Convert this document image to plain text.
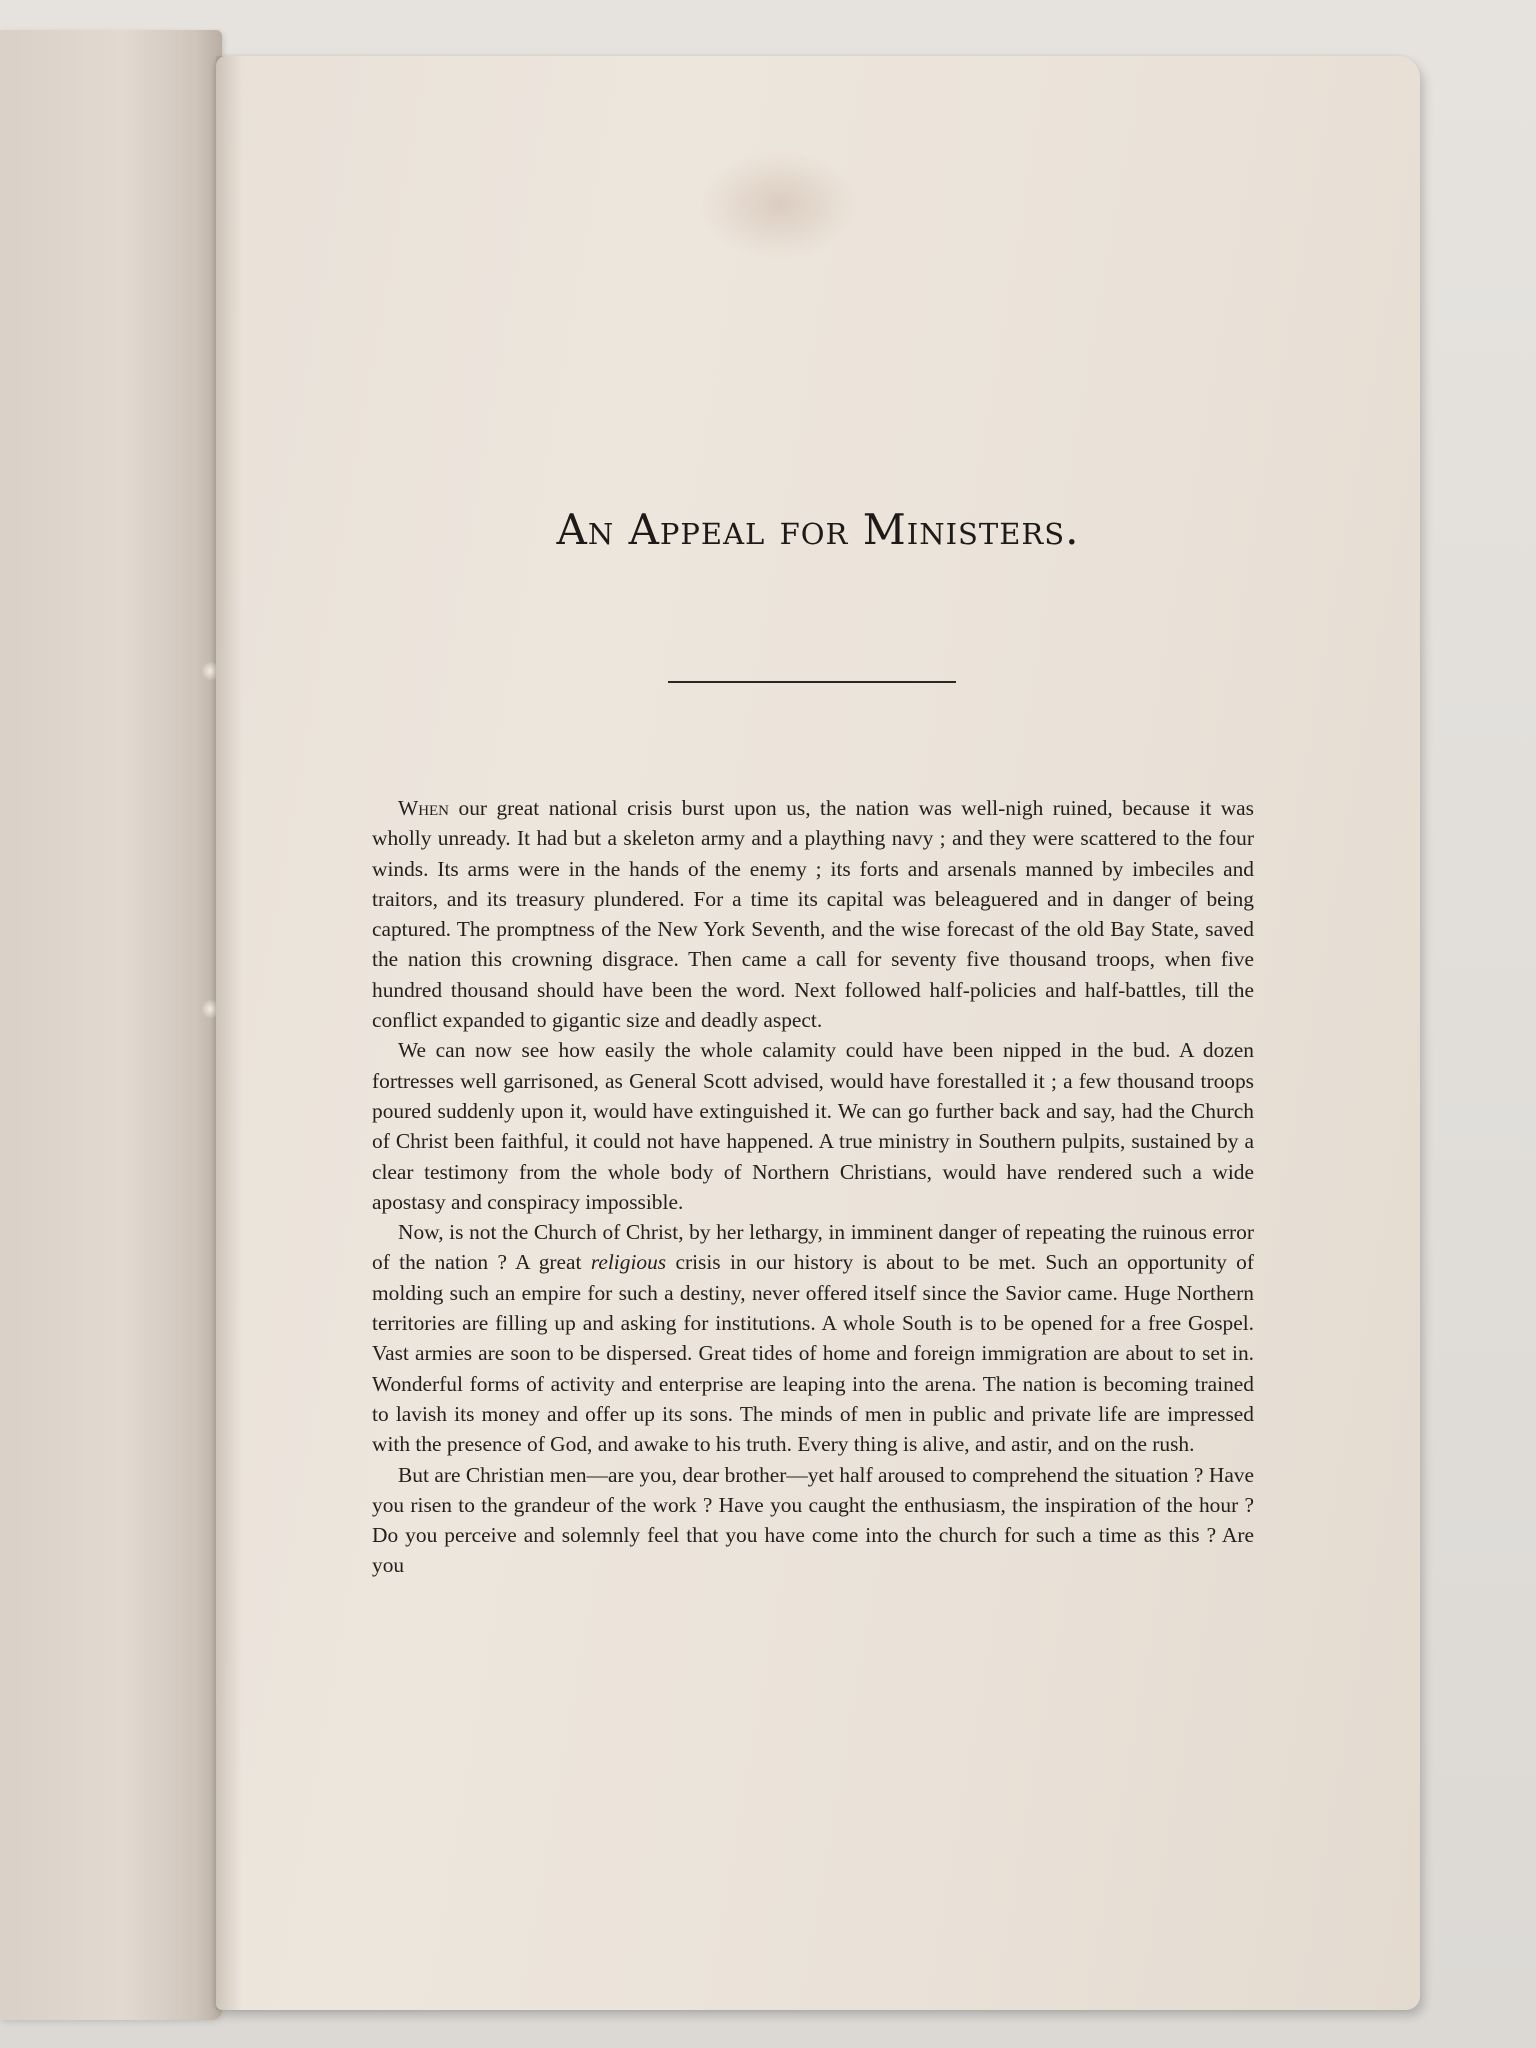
An Appeal for Ministers.

When our great national crisis burst upon us, the nation was well-nigh ruined, because it was wholly unready. It had but a skeleton army and a plaything navy ; and they were scattered to the four winds. Its arms were in the hands of the enemy ; its forts and arsenals manned by imbeciles and traitors, and its treasury plundered. For a time its capital was beleaguered and in danger of being captured. The promptness of the New York Seventh, and the wise forecast of the old Bay State, saved the nation this crowning disgrace. Then came a call for seventy five thousand troops, when five hundred thousand should have been the word. Next followed half-policies and half-battles, till the conflict expanded to gigantic size and deadly aspect.

We can now see how easily the whole calamity could have been nipped in the bud. A dozen fortresses well garrisoned, as General Scott advised, would have forestalled it ; a few thousand troops poured suddenly upon it, would have extinguished it. We can go further back and say, had the Church of Christ been faithful, it could not have happened. A true ministry in Southern pulpits, sustained by a clear testimony from the whole body of Northern Christians, would have rendered such a wide apostasy and conspiracy impossible.

Now, is not the Church of Christ, by her lethargy, in imminent danger of repeating the ruinous error of the nation ? A great religious crisis in our history is about to be met. Such an opportunity of molding such an empire for such a destiny, never offered itself since the Savior came. Huge Northern territories are filling up and asking for institutions. A whole South is to be opened for a free Gospel. Vast armies are soon to be dispersed. Great tides of home and foreign immigration are about to set in. Wonderful forms of activity and enterprise are leaping into the arena. The nation is becoming trained to lavish its money and offer up its sons. The minds of men in public and private life are impressed with the presence of God, and awake to his truth. Every thing is alive, and astir, and on the rush.

But are Christian men—are you, dear brother—yet half aroused to comprehend the situation ? Have you risen to the grandeur of the work ? Have you caught the enthusiasm, the inspiration of the hour ? Do you perceive and solemnly feel that you have come into the church for such a time as this ? Are you
